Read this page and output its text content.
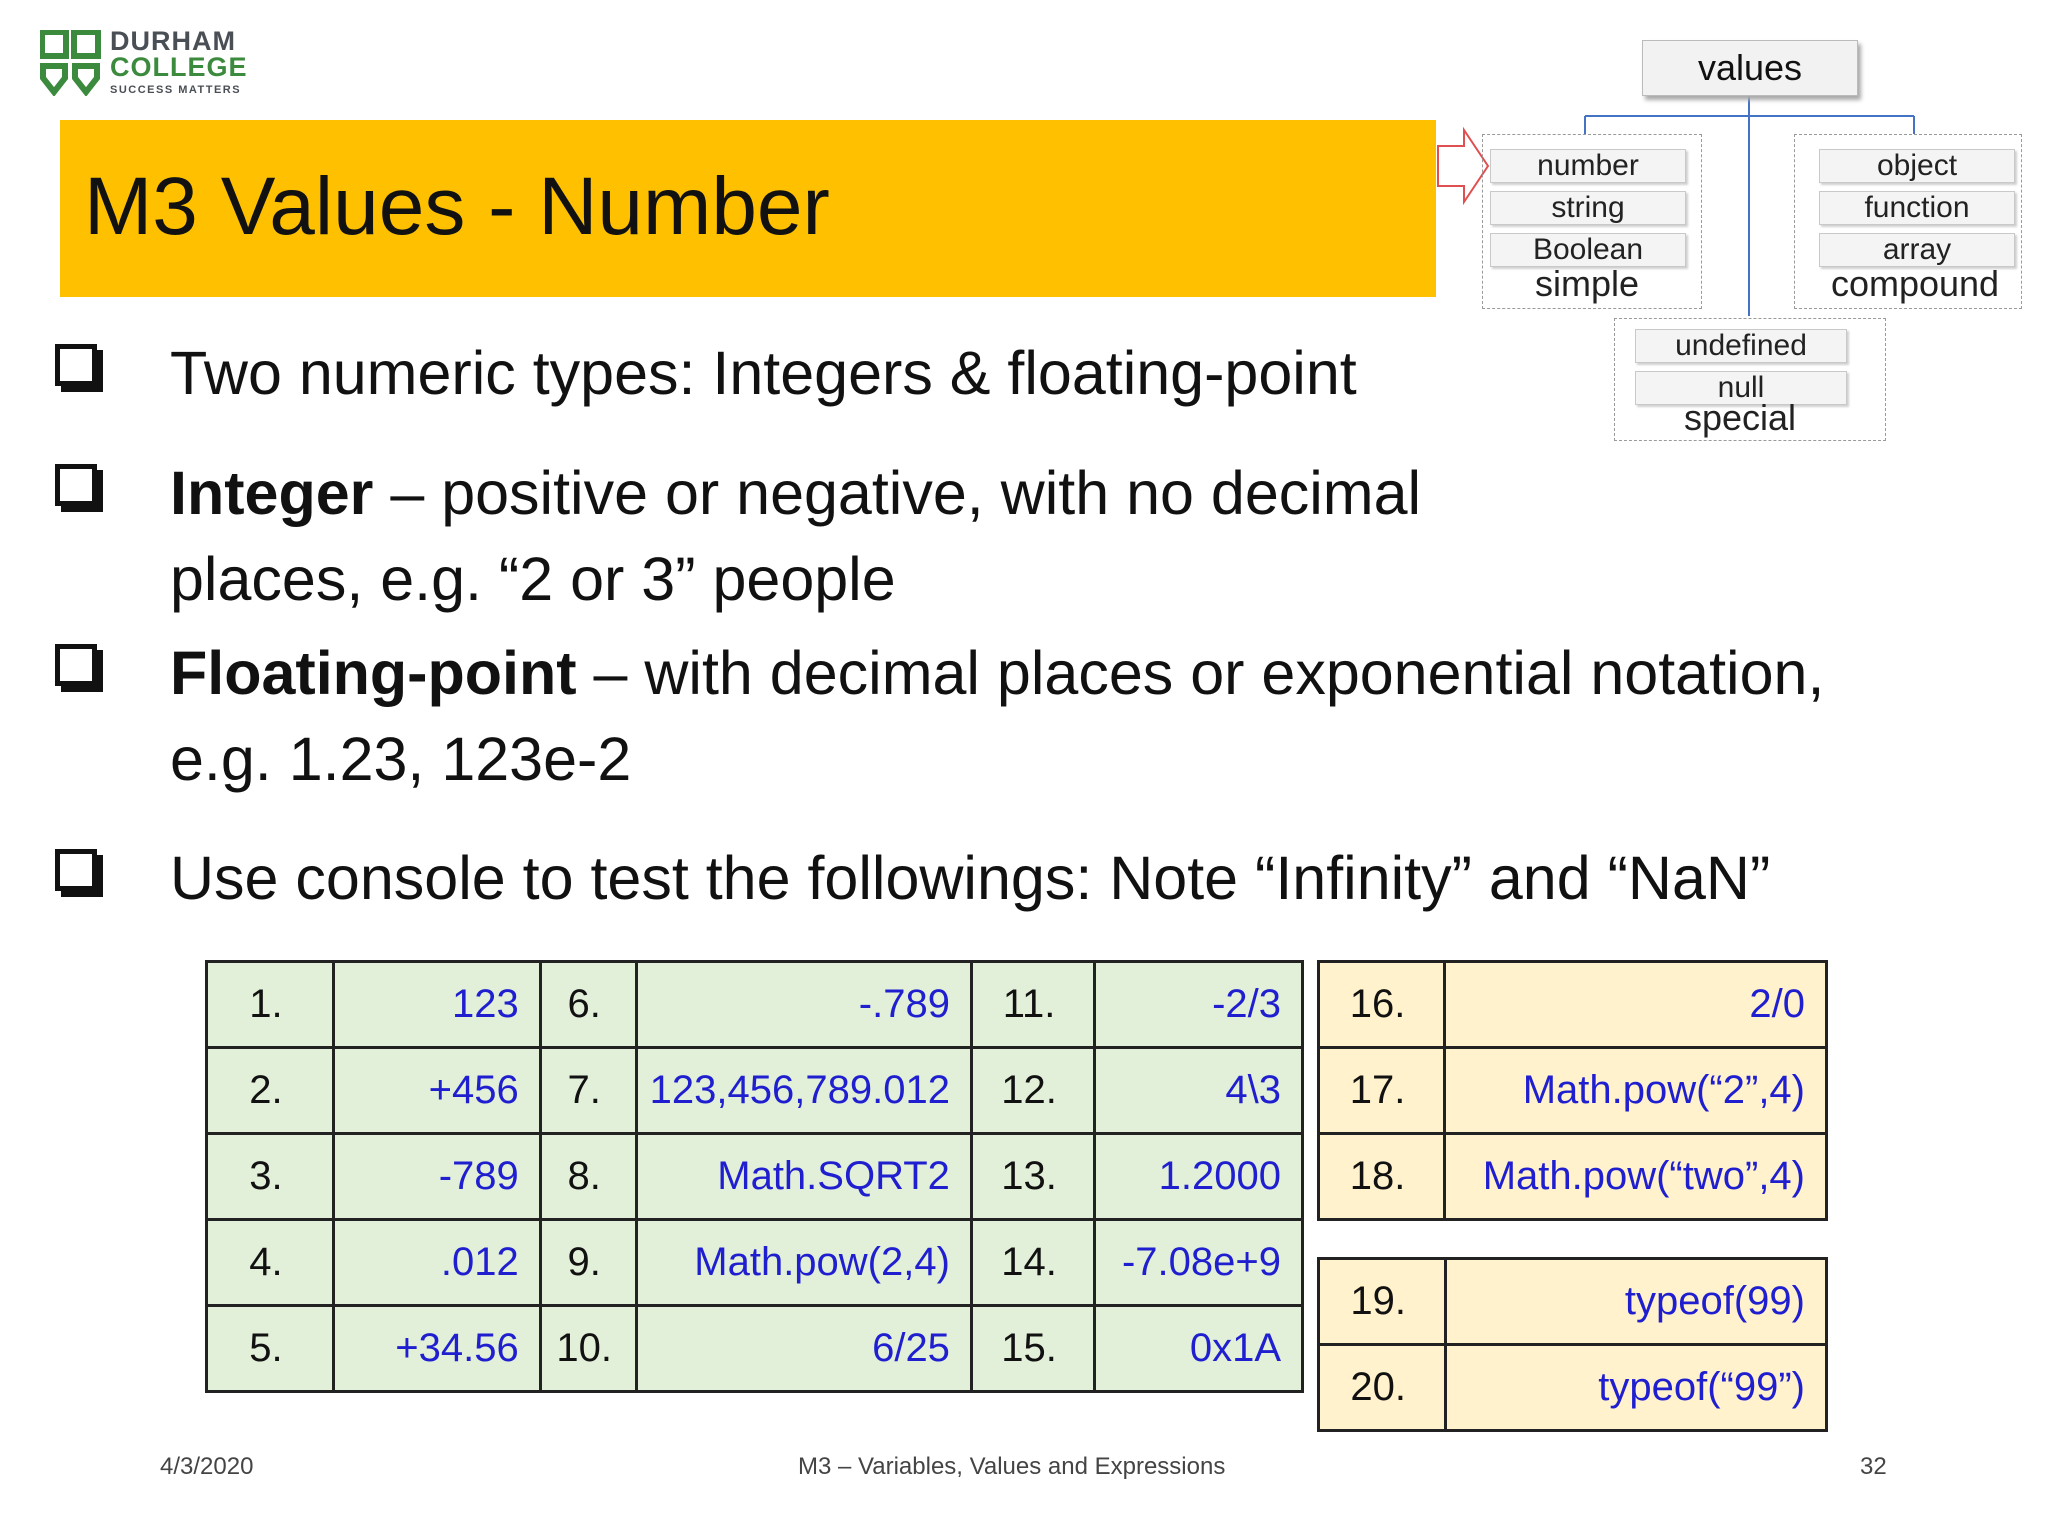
DURHAM
COLLEGE
SUCCESS MATTERS
M3 Values - Number
values
number
string
Boolean
simple
object
function
array
compound
undefined
null
special
Two numeric types: Integers & floating-point
Integer – positive or negative, with no decimal
places, e.g. “2 or 3” people
Floating-point – with decimal places or exponential notation,
e.g. 1.23, 123e-2
Use console to test the followings: Note “Infinity” and “NaN”
1.	123	6.	-.789	11.	-2/3
2.	+456	7.	123,456,789.012	12.	4\3
3.	-789	8.	Math.SQRT2	13.	1.2000
4.	.012	9.	Math.pow(2,4)	14.	-7.08e+9
5.	+34.56	10.	6/25	15.	0x1A
16.	2/0
17.	Math.pow(“2”,4)
18.	Math.pow(“two”,4)
19.	typeof(99)
20.	typeof(“99”)
4/3/2020	M3 – Variables, Values and Expressions	32
